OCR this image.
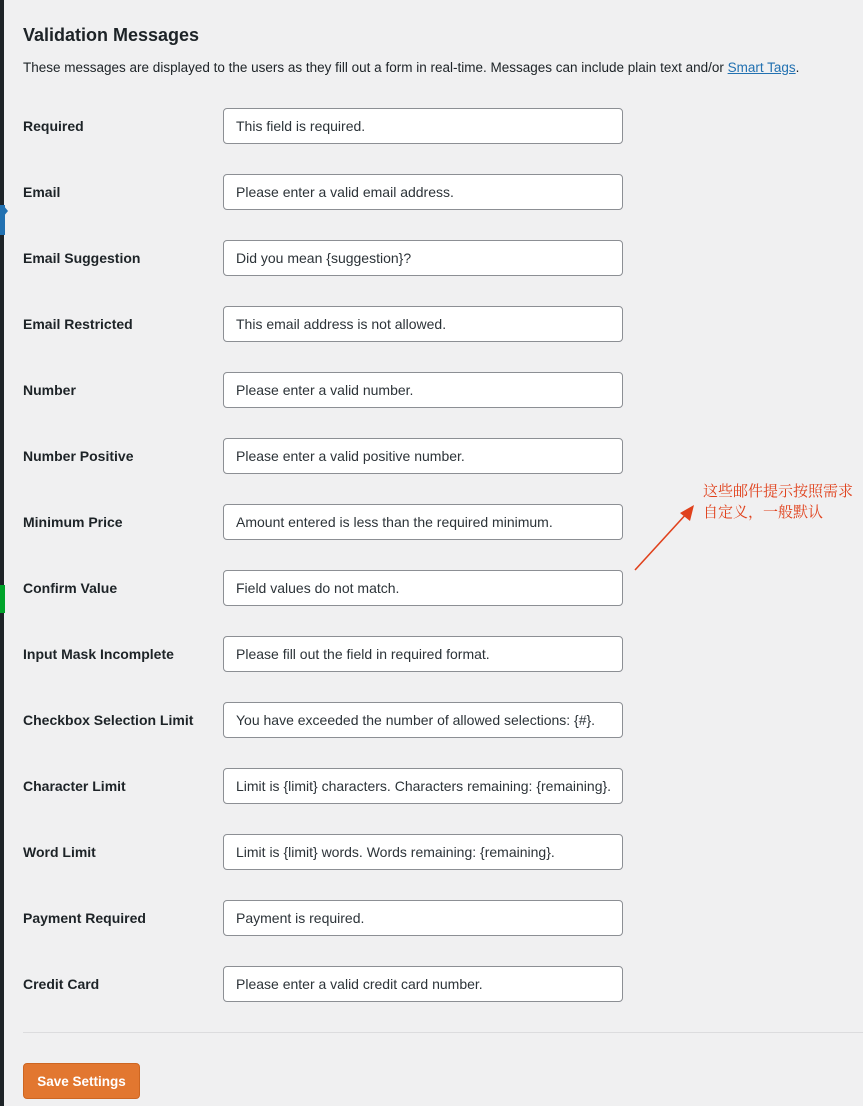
Validation Messages
These messages are displayed to the users as they fill out a form in real-time. Messages can include plain text and/or Smart Tags.
Required
This field is required.
Email
Please enter a valid email address.
Email Suggestion
Did you mean {suggestion}?
Email Restricted
This email address is not allowed.
Number
Please enter a valid number.
Number Positive
Please enter a valid positive number.
Minimum Price
Amount entered is less than the required minimum.
Confirm Value
Field values do not match.
Input Mask Incomplete
Please fill out the field in required format.
Checkbox Selection Limit
You have exceeded the number of allowed selections: {#}.
Character Limit
Limit is {limit} characters. Characters remaining: {remaining}.
Word Limit
Limit is {limit} words. Words remaining: {remaining}.
Payment Required
Payment is required.
Credit Card
Please enter a valid credit card number.
Save Settings
这些邮件提示按照需求自定义，一般默认
